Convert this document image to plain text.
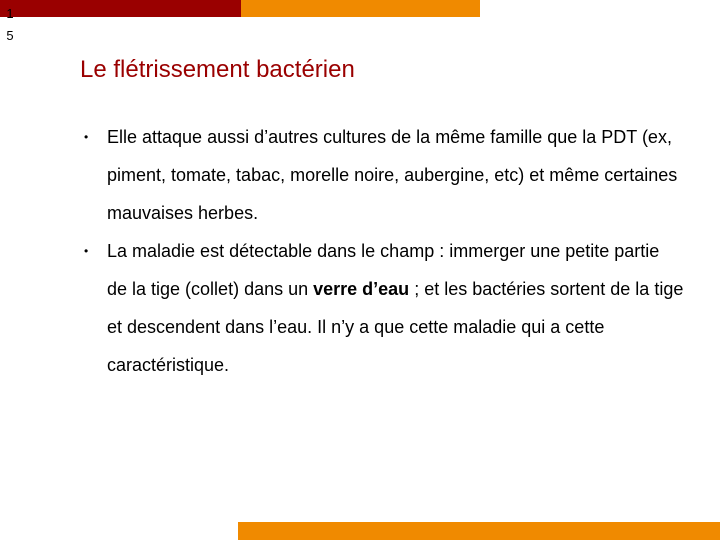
15
Le flétrissement bactérien
• Elle attaque aussi d’autres cultures de la même famille que la PDT (ex, piment, tomate, tabac, morelle noire, aubergine, etc) et même certaines mauvaises herbes.
• La maladie est détectable dans le champ : immerger une petite partie de la tige (collet) dans un verre d’eau ; et les bactéries sortent de la tige et descendent dans l’eau. Il n’y a que cette maladie qui a cette caractéristique.
